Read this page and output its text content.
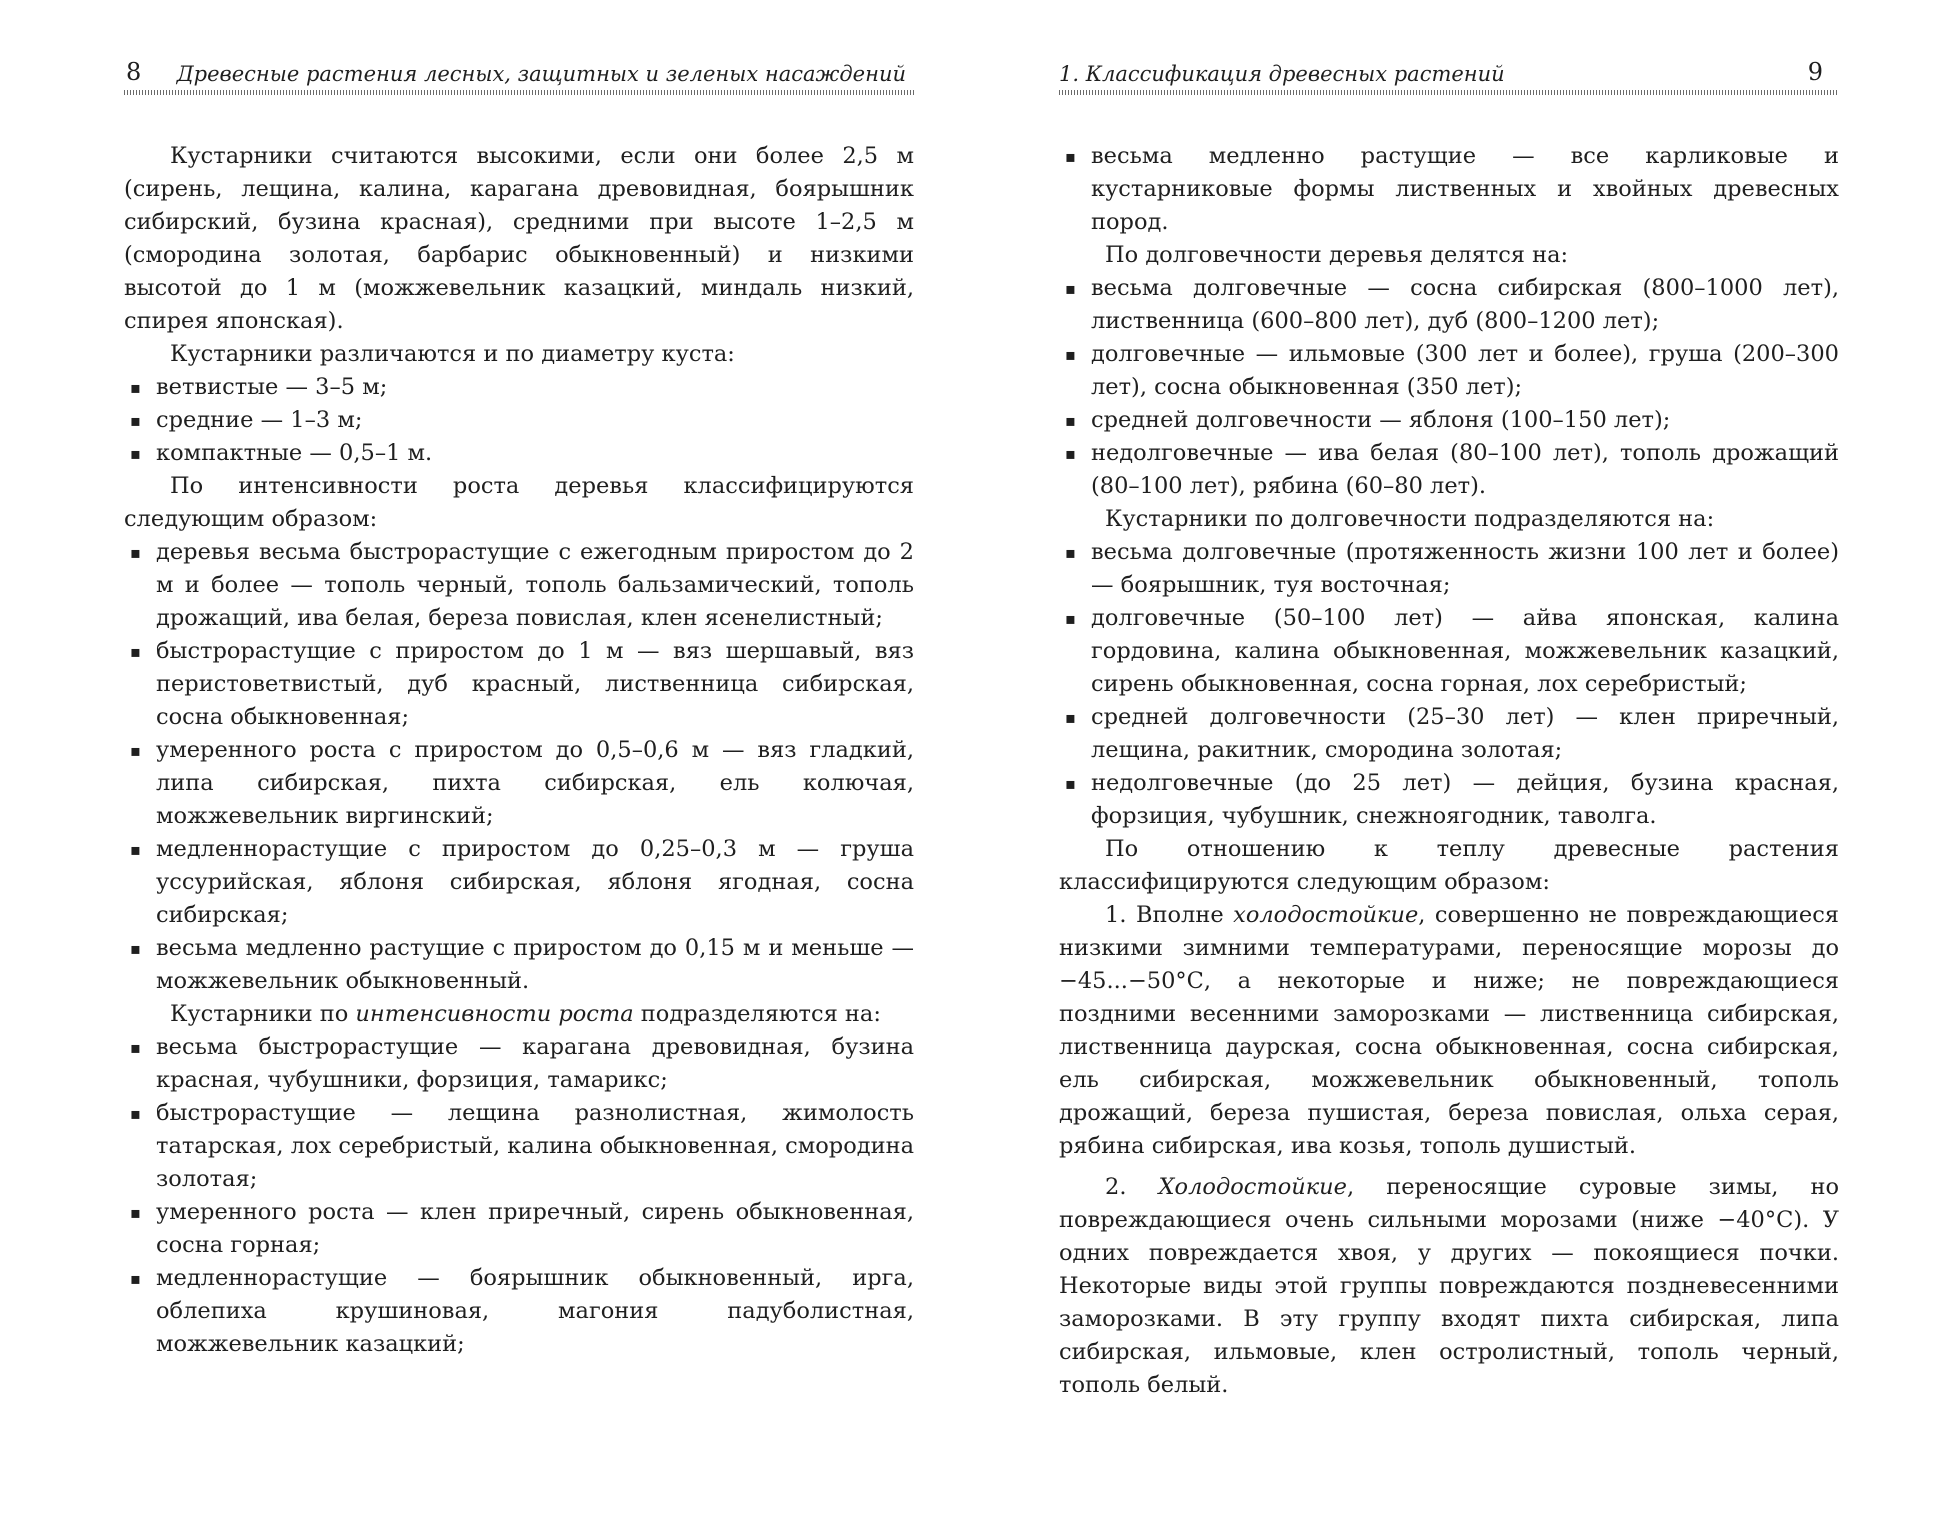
8 Древесные растения лесных, защитных и зеленых насаждений

Кустарники считаются высокими, если они более 2,5 м (сирень, лещина, калина, карагана древовидная, боярышник сибирский, бузина красная), средними при высоте 1–2,5 м (смородина золотая, барбарис обыкновенный) и низкими высотой до 1 м (можжевельник казацкий, миндаль низкий, спирея японская).

Кустарники различаются и по диаметру куста:

▪ ветвистые — 3–5 м;
▪ средние — 1–3 м;
▪ компактные — 0,5–1 м.

По интенсивности роста деревья классифицируются следующим образом:

▪ деревья весьма быстрорастущие с ежегодным приростом до 2 м и более — тополь черный, тополь бальзамический, тополь дрожащий, ива белая, береза повислая, клен ясенелистный;
▪ быстрорастущие с приростом до 1 м — вяз шершавый, вяз перистоветвистый, дуб красный, лиственница сибирская, сосна обыкновенная;
▪ умеренного роста с приростом до 0,5–0,6 м — вяз гладкий, липа сибирская, пихта сибирская, ель колючая, можжевельник виргинский;
▪ медленнорастущие с приростом до 0,25–0,3 м — груша уссурийская, яблоня сибирская, яблоня ягодная, сосна сибирская;
▪ весьма медленно растущие с приростом до 0,15 м и меньше — можжевельник обыкновенный.

Кустарники по интенсивности роста подразделяются на:

▪ весьма быстрорастущие — карагана древовидная, бузина красная, чубушники, форзиция, тамарикс;
▪ быстрорастущие — лещина разнолистная, жимолость татарская, лох серебристый, калина обыкновенная, смородина золотая;
▪ умеренного роста — клен приречный, сирень обыкновенная, сосна горная;
▪ медленнорастущие — боярышник обыкновенный, ирга, облепиха крушиновая, магония падуболистная, можжевельник казацкий;
1. Классификация древесных растений	9
▪ весьма медленно растущие — все карликовые и кустарниковые формы лиственных и хвойных древесных пород.

По долговечности деревья делятся на:

▪ весьма долговечные — сосна сибирская (800–1000 лет), лиственница (600–800 лет), дуб (800–1200 лет);
▪ долговечные — ильмовые (300 лет и более), груша (200–300 лет), сосна обыкновенная (350 лет);
▪ средней долговечности — яблоня (100–150 лет);
▪ недолговечные — ива белая (80–100 лет), тополь дрожащий (80–100 лет), рябина (60–80 лет).

Кустарники по долговечности подразделяются на:

▪ весьма долговечные (протяженность жизни 100 лет и более) — боярышник, туя восточная;
▪ долговечные (50–100 лет) — айва японская, калина гордовина, калина обыкновенная, можжевельник казацкий, сирень обыкновенная, сосна горная, лох серебристый;
▪ средней долговечности (25–30 лет) — клен приречный, лещина, ракитник, смородина золотая;
▪ недолговечные (до 25 лет) — дейция, бузина красная, форзиция, чубушник, снежноягодник, таволга.

По отношению к теплу древесные растения классифицируются следующим образом:

1. Вполне холодостойкие, совершенно не повреждающиеся низкими зимними температурами, переносящие морозы до −45...−50°С, а некоторые и ниже; не повреждающиеся поздними весенними заморозками — лиственница сибирская, лиственница даурская, сосна обыкновенная, сосна сибирская, ель сибирская, можжевельник обыкновенный, тополь дрожащий, береза пушистая, береза повислая, ольха серая, рябина сибирская, ива козья, тополь душистый.

2. Холодостойкие, переносящие суровые зимы, но повреждающиеся очень сильными морозами (ниже −40°С). У одних повреждается хвоя, у других — покоящиеся почки. Некоторые виды этой группы повреждаются поздневесенними заморозками. В эту группу входят пихта сибирская, липа сибирская, ильмовые, клен остролистный, тополь черный, тополь белый.
